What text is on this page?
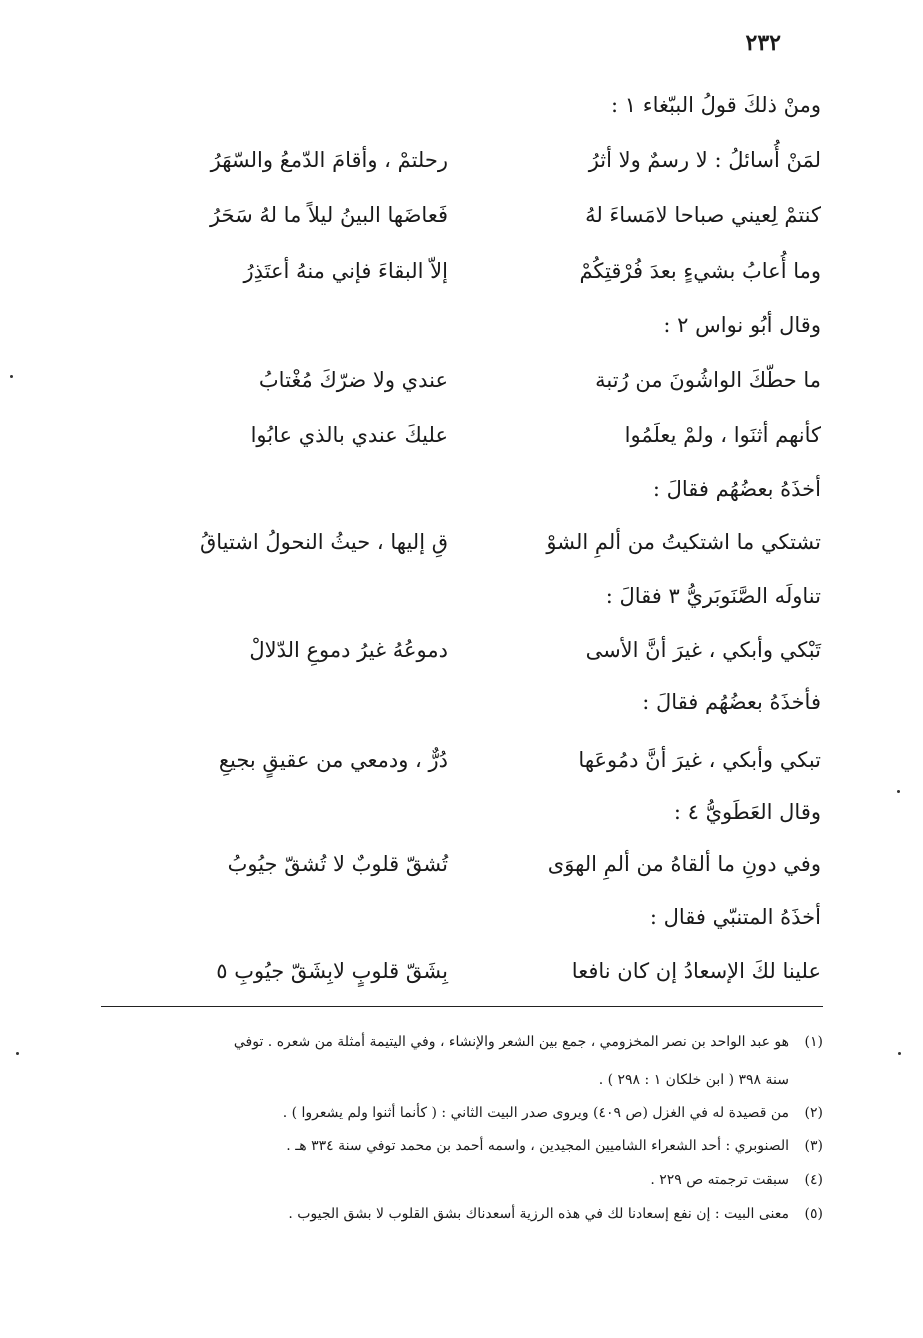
٢٣٢
ومنْ ذلكَ قولُ الببّغاء ١ :
لمَنْ أُسائلُ : لا رسمٌ ولا أثرُ
رحلتمْ ، وأقامَ الدّمعُ والسّهَرُ
كنتمْ لِعيني صباحا لامَساءَ لهُ
فَعاضَها البينُ ليلاً ما لهُ سَحَرُ
وما أُعابُ بشيءٍ بعدَ فُرْقتِكُمْ
إلاّ البقاءَ فإني منهُ أعتَذِرُ
وقال أبُو نواس ٢ :
ما حطّكَ الواشُونَ من رُتبة
عندي ولا ضرّكَ مُغْتابُ
كأنهم أثنَوا ، ولمْ يعلَمُوا
عليكَ عندي بالذي عابُوا
أخذَهُ بعضُهُم فقالَ :
تشتكي ما اشتكيتُ من ألمِ الشوْ
قِ إليها ، حيثُ النحولُ اشتياقُ
تناولَه الصَّنَوبَريُّ ٣ فقالَ :
تَبْكي وأبكي ، غيرَ أنَّ الأسى
دموعُهُ غيرُ دموعِ الدّلالْ
فأخذَهُ بعضُهُم فقالَ :
تبكي وأبكي ، غيرَ أنَّ دمُوعَها
دُرٌّ ، ودمعي من عقيقٍ بجيعِ
وقال العَطَويُّ ٤ :
وفي دونِ ما ألقاهُ من ألمِ الهوَى
تُشقّ قلوبٌ لا تُشقّ جيُوبُ
أخذَهُ المتنبّي فقال :
علينا لكَ الإسعادُ إن كان نافعا
بِشَقّ قلوبٍ لابِشَقّ جيُوبِ ٥
(١)هو عبد الواحد بن نصر المخزومي ، جمع بين الشعر والإنشاء ، وفي اليتيمة أمثلة من شعره . توفي
سنة ٣٩٨ ( ابن خلكان ١ : ٢٩٨ ) .
(٢)من قصيدة له في الغزل (ص ٤٠٩) ويروى صدر البيت الثاني : ( كأنما أثنوا ولم يشعروا ) .
(٣)الصنوبري : أحد الشعراء الشاميين المجيدين ، واسمه أحمد بن محمد توفي سنة ٣٣٤ هـ .
(٤)سبقت ترجمته ص ٢٢٩ .
(٥)معنى البيت : إن نفع إسعادنا لك في هذه الرزية أسعدناك بشق القلوب لا بشق الجيوب .
